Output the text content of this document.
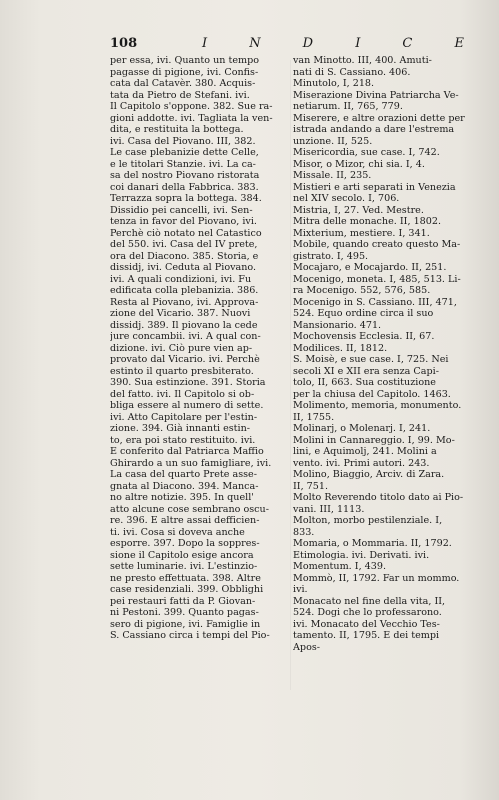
108	I	N	D	I	C	E
per essa, ivi. Quanto un tempo
pagasse di pigione, ivi. Confis-
cata dal Catavèr. 380. Acquis-
tata da Pietro de Stefani. ivi.
Il Capitolo s'oppone. 382. Sue ra-
gioni addotte. ivi. Tagliata la ven-
dita, e restituita la bottega.
ivi. Casa del Piovano. III, 382.
Le case plebanizie dette Celle,
e le titolari Stanzie. ivi. La ca-
sa del nostro Piovano ristorata
coi danari della Fabbrica. 383.
Terrazza sopra la bottega. 384.
Dissidio pei cancelli, ivi. Sen-
tenza in favor del Piovano, ivi.
Perchè ciò notato nel Catastico
del 550. ivi. Casa del IV prete,
ora del Diacono. 385. Storia, e
dissidj, ivi. Ceduta al Piovano.
ivi. A quali condizioni, ivi. Fu
edificata colla plebanizia. 386.
Resta al Piovano, ivi. Approva-
zione del Vicario. 387. Nuovi
dissidj. 389. Il piovano la cede
jure concambii. ivi. A qual con-
dizione. ivi. Ciò pure vien ap-
provato dal Vicario. ivi. Perchè
estinto il quarto presbiterato.
390. Sua estinzione. 391. Storia
del fatto. ivi. Il Capitolo si ob-
bliga essere al numero di sette.
ivi. Atto Capitolare per l'estin-
zione. 394. Già innanti estin-
to, era poi stato restituito. ivi.
E conferito dal Patriarca Maffio
Ghirardo a un suo famigliare, ivi.
La casa del quarto Prete asse-
gnata al Diacono. 394. Manca-
no altre notizie. 395. In quell'
atto alcune cose sembrano oscu-
re. 396. E altre assai defficien-
ti. ivi. Cosa si doveva anche
esporre. 397. Dopo la soppres-
sione il Capitolo esige ancora
sette luminarie. ivi. L'estinzio-
ne presto effettuata. 398. Altre
case residenziali. 399. Obblighi
pei restauri fatti da P. Giovan-
ni Pestoni. 399. Quanto pagas-
sero di pigione, ivi. Famiglie in
S. Cassiano circa i tempi del Pio-
van Minotto. III, 400. Amuti-
nati di S. Cassiano. 406.
Minutolo, I, 218.
Miserazione Divina Patriarcha Ve-
netiarum. II, 765, 779.
Miserere, e altre orazioni dette per
istrada andando a dare l'estrema
unzione. II, 525.
Misericordia, sue case. I, 742.
Misor, o Mizor, chi sia. I, 4.
Missale. II, 235.
Mistieri e arti separati in Venezia
nel XIV secolo. I, 706.
Mistria, I, 27. Ved. Mestre.
Mitra delle monache. II, 1802.
Mixterium, mestiere. I, 341.
Mobile, quando creato questo Ma-
gistrato. I, 495.
Mocajaro, e Mocajardo. II, 251.
Mocenigo, moneta. I, 485, 513. Li-
ra Mocenigo. 552, 576, 585.
Mocenigo in S. Cassiano. III, 471,
524. Equo ordine circa il suo
Mansionario. 471.
Mochovensis Ecclesia. II, 67.
Modilices. II, 1812.
S. Moisè, e sue case. I, 725. Nei
secoli XI e XII era senza Capi-
tolo, II, 663. Sua costituzione
per la chiusa del Capitolo. 1463.
Molimento, memoria, monumento.
II, 1755.
Molinarj, o Molenarj. I, 241.
Molini in Cannareggio. I, 99. Mo-
lini, e Aquimolj, 241. Molini a
vento. ivi. Primi autori. 243.
Molino, Biaggio, Arciv. di Zara.
II, 751.
Molto Reverendo titolo dato ai Pio-
vani. III, 1113.
Molton, morbo pestilenziale. I,
833.
Momaria, o Mommaria. II, 1792.
Etimologia. ivi. Derivati. ivi.
Momentum. I, 439.
Mommò, II, 1792. Far un mommo.
ivi.
Monacato nel fine della vita, II,
524. Dogi che lo professarono.
ivi. Monacato del Vecchio Tes-
tamento. II, 1795. E dei tempi
Apos-
